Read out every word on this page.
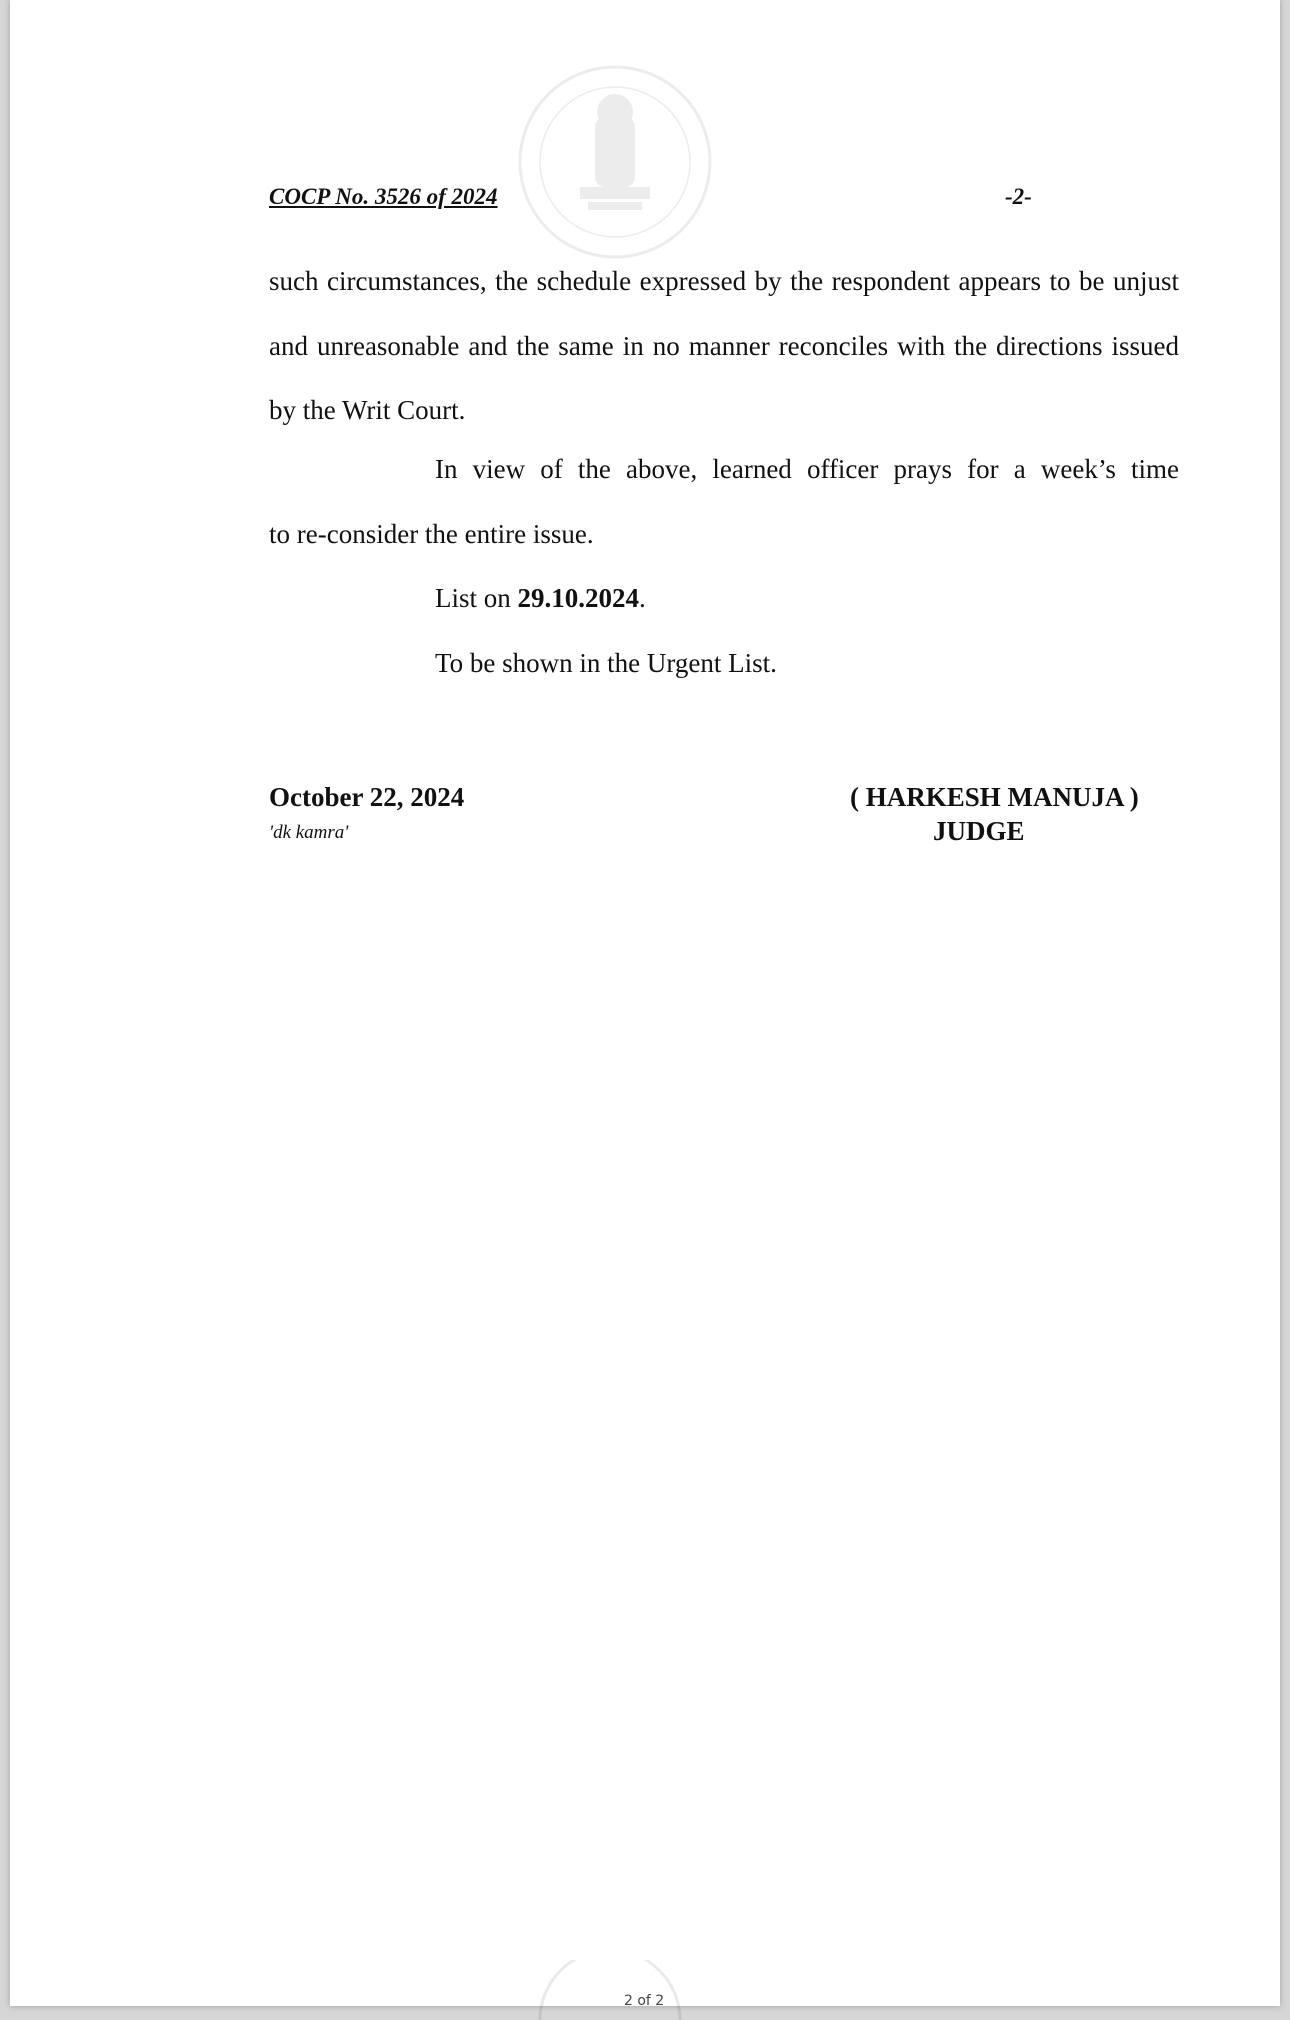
COCP No. 3526 of 2024	-2-
such circumstances, the schedule expressed by the respondent appears to be unjust and unreasonable and the same in no manner reconciles with the directions issued by the Writ Court.
In view of the above, learned officer prays for a week’s time
to re-consider the entire issue.
List on 29.10.2024.
To be shown in the Urgent List.
October 22, 2024
'dk kamra'
( HARKESH MANUJA )
JUDGE
2 of 2
